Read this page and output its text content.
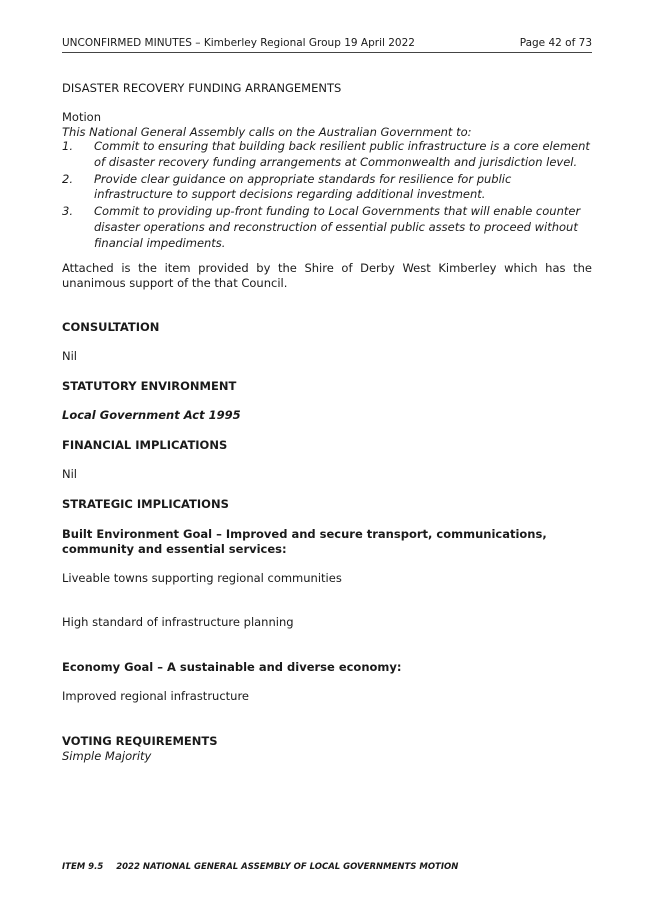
UNCONFIRMED MINUTES – Kimberley Regional Group 19 April 2022	Page 42 of 73
DISASTER RECOVERY FUNDING ARRANGEMENTS
Motion
This National General Assembly calls on the Australian Government to:
1. Commit to ensuring that building back resilient public infrastructure is a core element of disaster recovery funding arrangements at Commonwealth and jurisdiction level.
2. Provide clear guidance on appropriate standards for resilience for public infrastructure to support decisions regarding additional investment.
3. Commit to providing up-front funding to Local Governments that will enable counter disaster operations and reconstruction of essential public assets to proceed without financial impediments.
Attached is the item provided by the Shire of Derby West Kimberley which has the unanimous support of the that Council.
CONSULTATION
Nil
STATUTORY ENVIRONMENT
Local Government Act 1995
FINANCIAL IMPLICATIONS
Nil
STRATEGIC IMPLICATIONS
Built Environment Goal – Improved and secure transport, communications, community and essential services:
Liveable towns supporting regional communities
High standard of infrastructure planning
Economy Goal – A sustainable and diverse economy:
Improved regional infrastructure
VOTING REQUIREMENTS
Simple Majority
ITEM 9.5 2022 NATIONAL GENERAL ASSEMBLY OF LOCAL GOVERNMENTS MOTION
